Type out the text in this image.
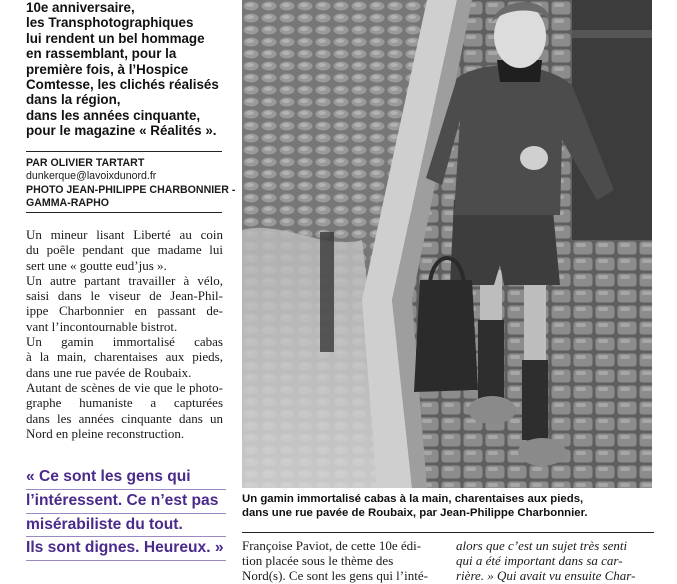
10e anniversaire,
les Transphotographiques
lui rendent un bel hommage
en rassemblant, pour la
première fois, à l’Hospice
Comtesse, les clichés réalisés
dans la région,
dans les années cinquante,
pour le magazine « Réalités ».
PAR OLIVIER TARTART
dunkerque@lavoixdunord.fr
PHOTO JEAN-PHILIPPE CHARBONNIER -
GAMMA-RAPHO
Un mineur lisant Liberté au coin
du poêle pendant que madame lui
sert une « goutte eud’jus ».
Un autre partant travailler à vélo,
saisi dans le viseur de Jean-Phil-
ippe Charbonnier en passant de-
vant l’incontournable bistrot.
Un gamin immortalisé cabas
à la main, charentaises aux pieds,
dans une rue pavée de Roubaix.
Autant de scènes de vie que le photo-
graphe humaniste a capturées
dans les années cinquante dans un
Nord en pleine reconstruction.
« Ce sont les gens qui
l’intéressent. Ce n’est pas
misérabiliste du tout.
Ils sont dignes. Heureux. »
Un gamin immortalisé cabas à la main, charentaises aux pieds,
dans une rue pavée de Roubaix, par Jean-Philippe Charbonnier.
Françoise Paviot, de cette 10e édi-
tion placée sous le thème des
Nord(s). Ce sont les gens qui l’inté-
alors que c’est un sujet très senti
qui a été important dans sa car-
rière. » Qui avait vu ensuite Char-
